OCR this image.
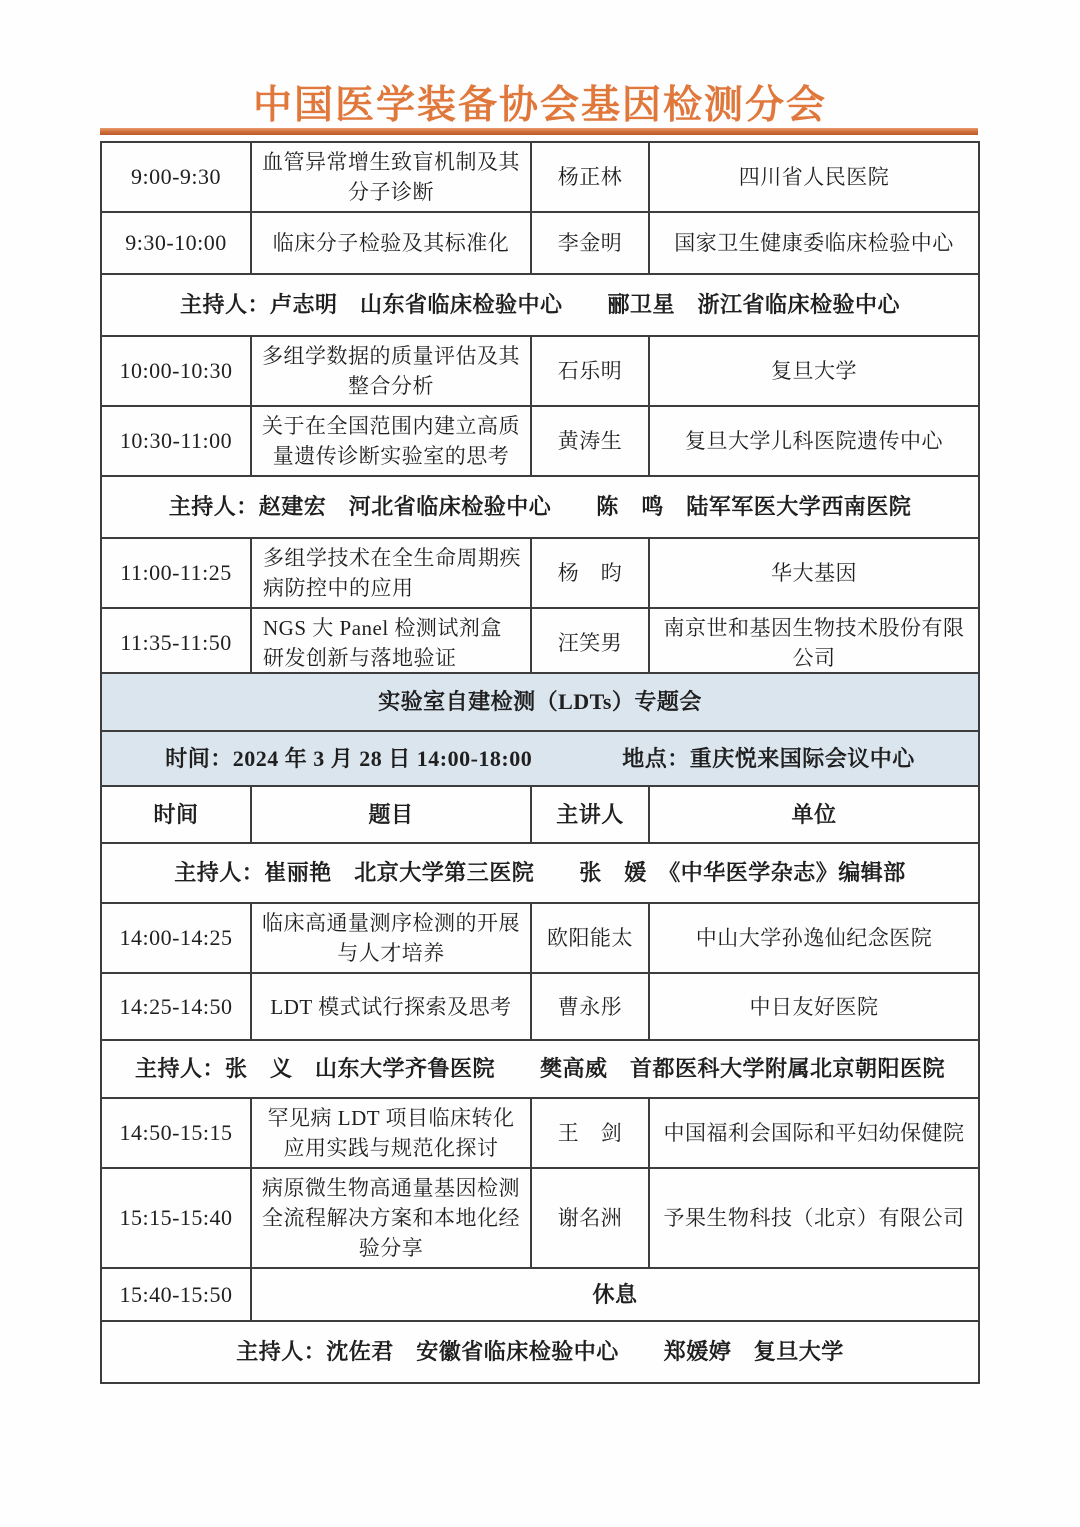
中国医学装备协会基因检测分会
9:00-9:30	血管异常增生致盲机制及其分子诊断	杨正林	四川省人民医院
9:30-10:00	临床分子检验及其标准化	李金明	国家卫生健康委临床检验中心
主持人：卢志明　山东省临床检验中心　　郦卫星　浙江省临床检验中心			
10:00-10:30	多组学数据的质量评估及其整合分析	石乐明	复旦大学
10:30-11:00	关于在全国范围内建立高质量遗传诊断实验室的思考	黄涛生	复旦大学儿科医院遗传中心
主持人：赵建宏　河北省临床检验中心　　陈　鸣　陆军军医大学西南医院			
11:00-11:25	多组学技术在全生命周期疾病防控中的应用	杨　昀	华大基因
11:35-11:50	NGS 大 Panel 检测试剂盒研发创新与落地验证	汪笑男	南京世和基因生物技术股份有限公司
实验室自建检测（LDTs）专题会			
时间：2024 年 3 月 28 日 14:00-18:00　　　　地点：重庆悦来国际会议中心			
时间	题目	主讲人	单位
主持人：崔丽艳　北京大学第三医院　　张　媛　《中华医学杂志》编辑部			
14:00-14:25	临床高通量测序检测的开展与人才培养	欧阳能太	中山大学孙逸仙纪念医院
14:25-14:50	LDT 模式试行探索及思考	曹永彤	中日友好医院
主持人：张　义　山东大学齐鲁医院　　樊高威　首都医科大学附属北京朝阳医院			
14:50-15:15	罕见病 LDT 项目临床转化应用实践与规范化探讨	王　剑	中国福利会国际和平妇幼保健院
15:15-15:40	病原微生物高通量基因检测全流程解决方案和本地化经验分享	谢名洲	予果生物科技（北京）有限公司
15:40-15:50	休息		
主持人：沈佐君　安徽省临床检验中心　　郑媛婷　复旦大学			
